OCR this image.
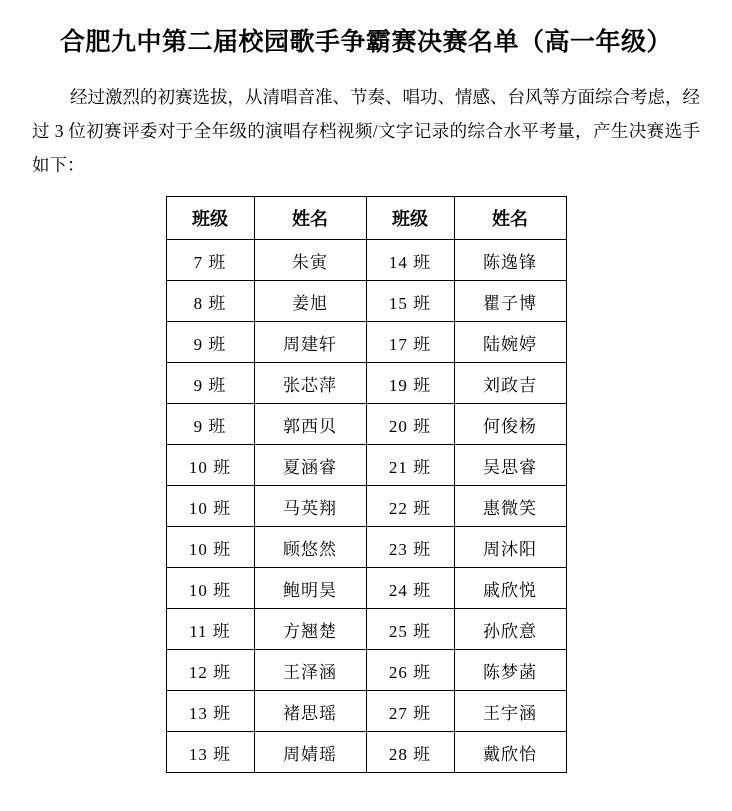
合肥九中第二届校园歌手争霸赛决赛名单（高一年级）

经过激烈的初赛选拔，从清唱音准、节奏、唱功、情感、台风等方面综合考虑，经过 3 位初赛评委对于全年级的演唱存档视频/文字记录的综合水平考量，产生决赛选手如下：

班级	姓名	班级	姓名
7 班	朱寅	14 班	陈逸锋
8 班	姜旭	15 班	瞿子博
9 班	周建轩	17 班	陆婉婷
9 班	张芯萍	19 班	刘政吉
9 班	郭西贝	20 班	何俊杨
10 班	夏涵睿	21 班	吴思睿
10 班	马英翔	22 班	惠微笑
10 班	顾悠然	23 班	周沐阳
10 班	鲍明昊	24 班	戚欣悦
11 班	方翘楚	25 班	孙欣意
12 班	王泽涵	26 班	陈梦菡
13 班	褚思瑶	27 班	王宇涵
13 班	周婧瑶	28 班	戴欣怡
